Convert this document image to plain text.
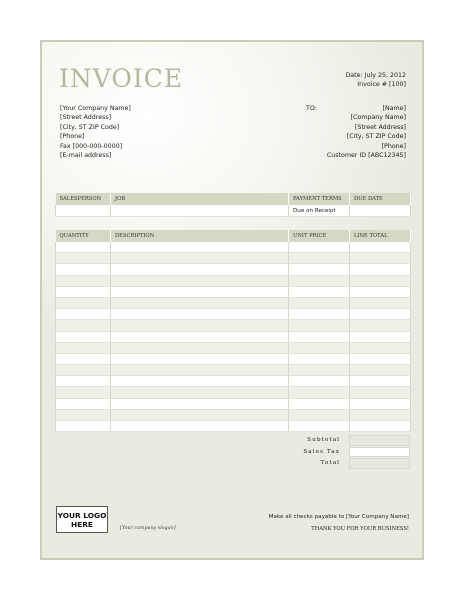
INVOICE	Date: July 25, 2012
Invoice # [100]
[Your Company Name]
[Street Address]
[City, ST ZIP Code]
[Phone]
Fax [000-000-0000]
[E-mail address]
TO:	[Name]
[Company Name]
[Street Address]
[City, ST ZIP Code]
[Phone]
Customer ID [ABC12345]
SALESPERSON	JOB	PAYMENT TERMS	DUE DATE
		Due on Receipt	
QUANTITY	DESCRIPTION	UNIT PRICE	LINE TOTAL

Subtotal
Sales Tax
Total
YOUR LOGO
HERE	[Your company slogan]
Make all checks payable to [Your Company Name]
THANK YOU FOR YOUR BUSINESS!
